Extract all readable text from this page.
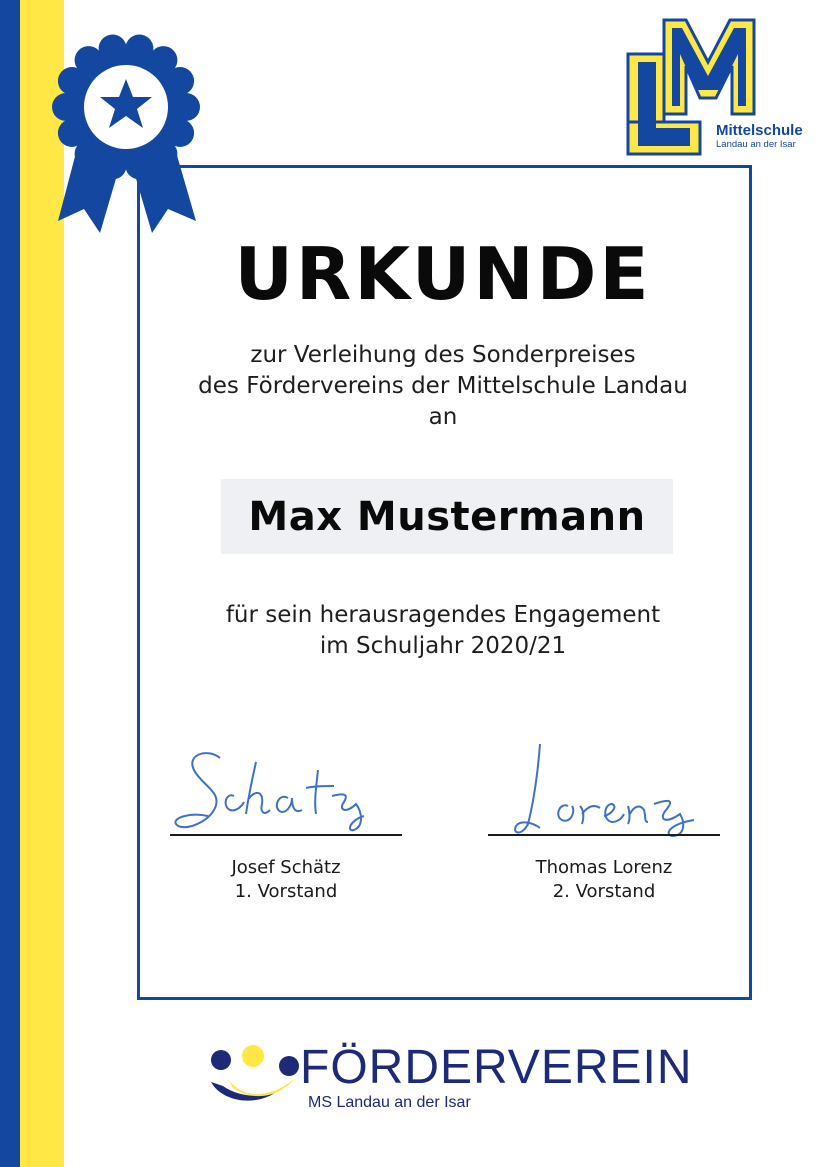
Mittelschule
Landau an der Isar
URKUNDE
zur Verleihung des Sonderpreises
des Fördervereins der Mittelschule Landau
an
Max Mustermann
für sein herausragendes Engagement
im Schuljahr 2020/21
Josef Schätz
1. Vorstand
Thomas Lorenz
2. Vorstand
FÖRDERVEREIN
MS Landau an der Isar
